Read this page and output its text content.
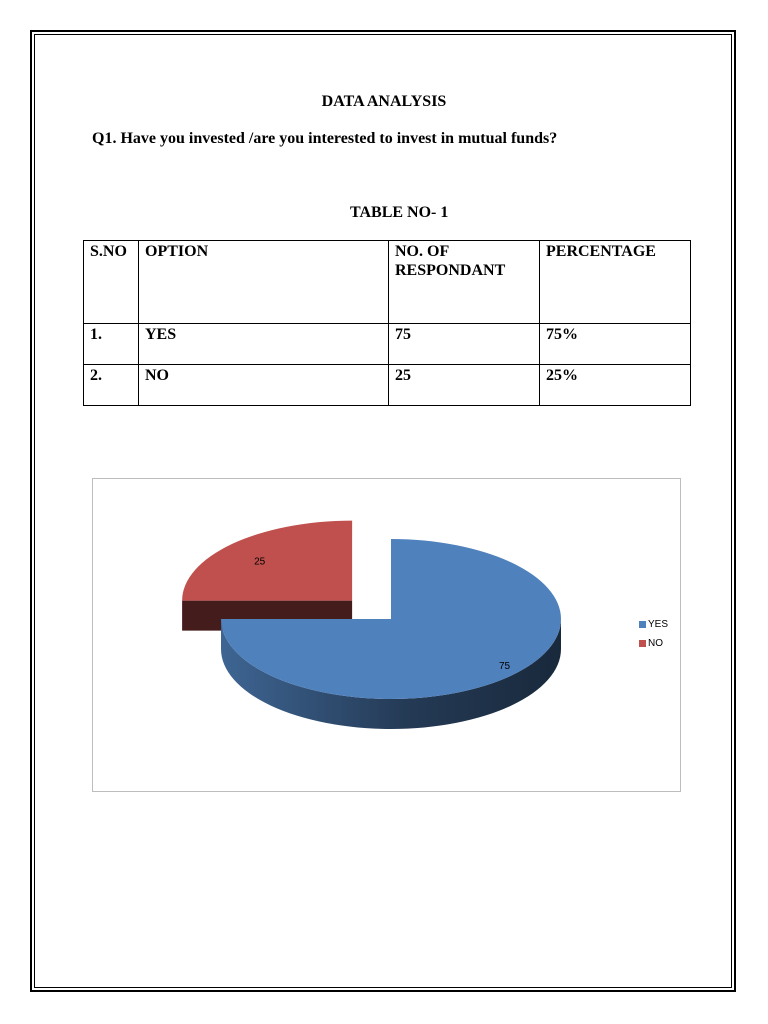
DATA ANALYSIS
Q1. Have you invested /are you interested to invest in mutual funds?
TABLE NO- 1
S.NO	OPTION	NO. OF RESPONDANT	PERCENTAGE
1.	YES	75	75%
2.	NO	25	25%
75
25
YES
NO
